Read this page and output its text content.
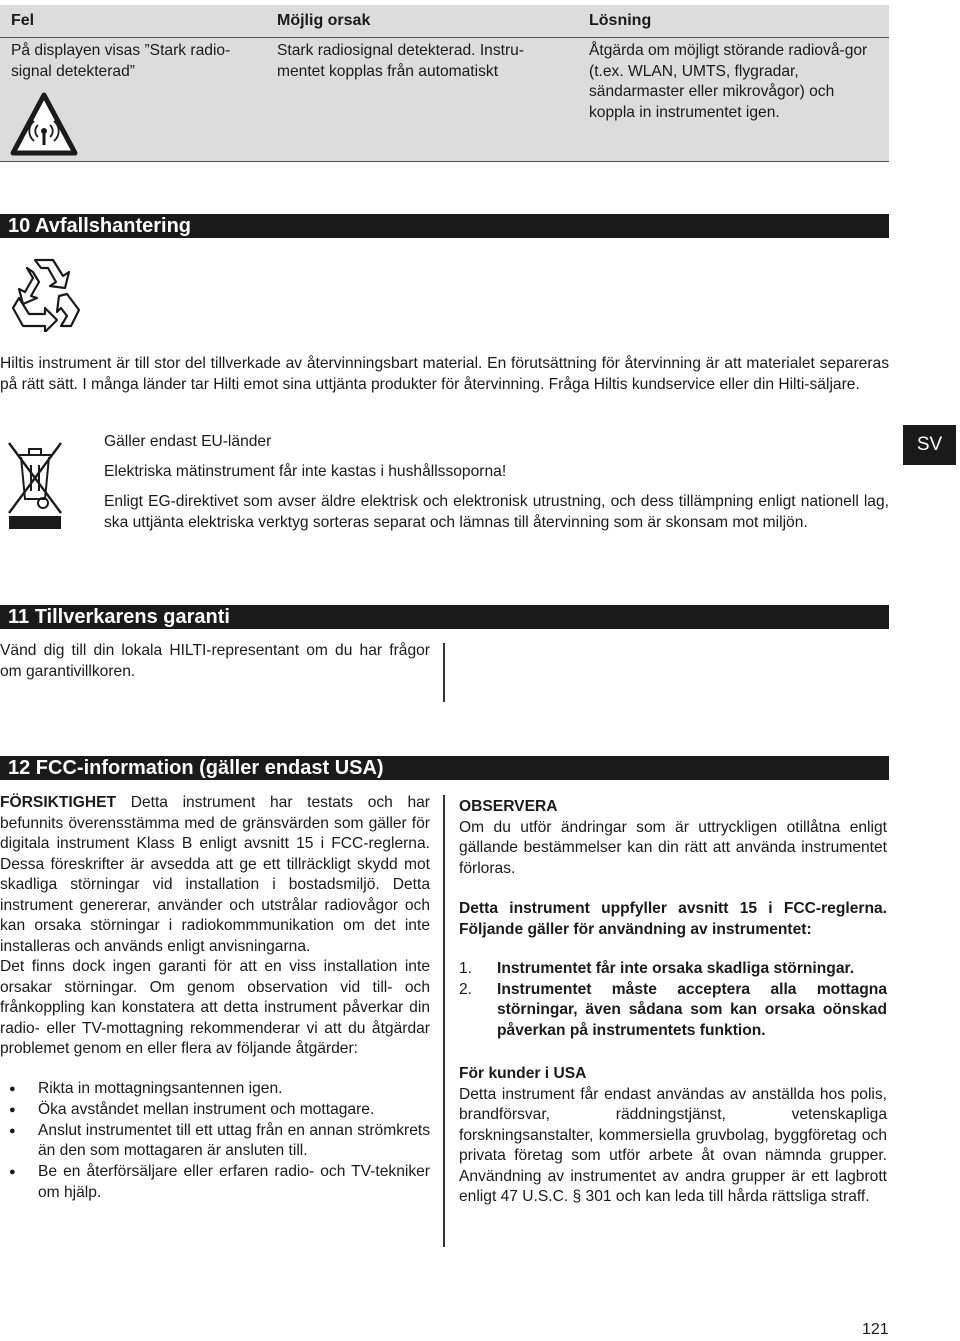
Fel	Möjlig orsak	Lösning
På displayen visas ”Stark radio-signal detekterad”
Stark radiosignal detekterad. Instru-mentet kopplas från automatiskt
Åtgärda om möjligt störande radiovå-gor (t.ex. WLAN, UMTS, flygradar, sändarmaster eller mikrovågor) och koppla in instrumentet igen.
10 Avfallshantering

Hiltis instrument är till stor del tillverkade av återvinningsbart material. En förutsättning för återvinning är att materialet separeras på rätt sätt. I många länder tar Hilti emot sina uttjänta produkter för återvinning. Fråga Hiltis kundservice eller din Hilti-säljare.

Gäller endast EU-länder

Elektriska mätinstrument får inte kastas i hushållssoporna!

Enligt EG-direktivet som avser äldre elektrisk och elektronisk utrustning, och dess tillämpning enligt nationell lag, ska uttjänta elektriska verktyg sorteras separat och lämnas till återvinning som är skonsam mot miljön.

SV
11 Tillverkarens garanti

Vänd dig till din lokala HILTI-representant om du har frågor om garantivillkoren.

12 FCC-information (gäller endast USA)

FÖRSIKTIGHET Detta instrument har testats och har befunnits överensstämma med de gränsvärden som gäller för digitala instrument Klass B enligt avsnitt 15 i FCC-reglerna. Dessa föreskrifter är avsedda att ge ett tillräckligt skydd mot skadliga störningar vid installation i bostadsmiljö. Detta instrument genererar, använder och utstrålar radiovågor och kan orsaka störningar i radiokommmunikation om det inte installeras och används enligt anvisningarna.

Det finns dock ingen garanti för att en viss installation inte orsakar störningar. Om genom observation vid till- och frånkoppling kan konstatera att detta instrument påverkar din radio- eller TV-mottagning rekommenderar vi att du åtgärdar problemet genom en eller flera av följande åtgärder:

● Rikta in mottagningsantennen igen.
● Öka avståndet mellan instrument och mottagare.
● Anslut instrumentet till ett uttag från en annan strömkrets än den som mottagaren är ansluten till.
● Be en återförsäljare eller erfaren radio- och TV-tekniker om hjälp.

OBSERVERA

Om du utför ändringar som är uttryckligen otillåtna enligt gällande bestämmelser kan din rätt att använda instrumentet förloras.

Detta instrument uppfyller avsnitt 15 i FCC-reglerna. Följande gäller för användning av instrumentet:

1. Instrumentet får inte orsaka skadliga störningar.
2. Instrumentet måste acceptera alla mottagna störningar, även sådana som kan orsaka oönskad påverkan på instrumentets funktion.

För kunder i USA

Detta instrument får endast användas av anställda hos polis, brandförsvar, räddningstjänst, vetenskapliga forskningsanstalter, kommersiella gruvbolag, byggföretag och privata företag som utför arbete åt ovan nämnda grupper. Användning av instrumentet av andra grupper är ett lagbrott enligt 47 U.S.C. § 301 och kan leda till hårda rättsliga straff.

121
